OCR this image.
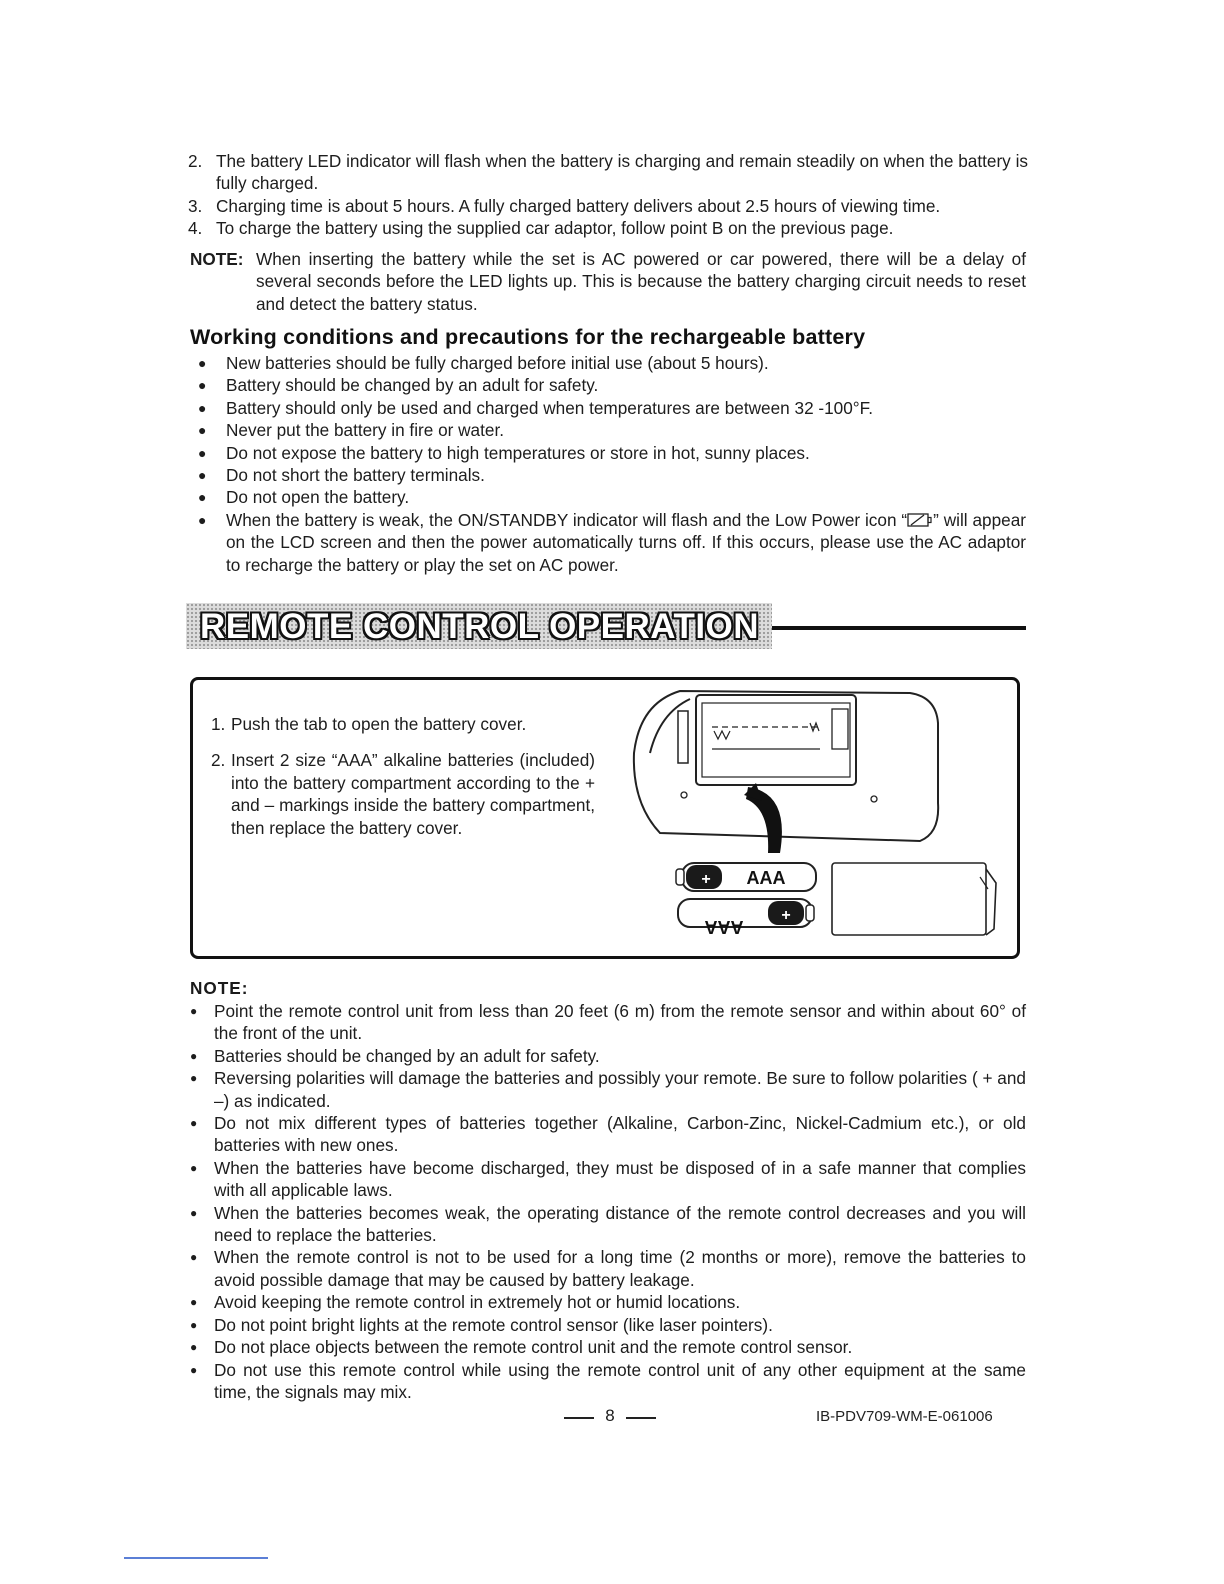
2. The battery LED indicator will flash when the battery is charging and remain steadily on when the battery is fully charged.
3. Charging time is about 5 hours. A fully charged battery delivers about 2.5 hours of viewing time.
4. To charge the battery using the supplied car adaptor, follow point B on the previous page.
NOTE: When inserting the battery while the set is AC powered or car powered, there will be a delay of several seconds before the LED lights up. This is because the battery charging circuit needs to reset and detect the battery status.
Working conditions and precautions for the rechargeable battery
●	New batteries should be fully charged before initial use (about 5 hours).
●	Battery should be changed by an adult for safety.
●	Battery should only be used and charged when temperatures are between 32 -100°F.
●	Never put the battery in fire or water.
●	Do not expose the battery to high temperatures or store in hot, sunny places.
●	Do not short the battery terminals.
●	Do not open the battery.
●	When the battery is weak, the ON/STANDBY indicator will flash and the Low Power icon “ ” will appear on the LCD screen and then the power automatically turns off. If this occurs, please use the AC adaptor to recharge the battery or play the set on AC power.
REMOTE CONTROL OPERATION
1. Push the tab to open the battery cover.
2. Insert 2 size “AAA” alkaline batteries (included) into the battery compartment according to the + and – markings inside the battery compartment, then replace the battery cover.
+ AAA
+
AAA
NOTE:
● Point the remote control unit from less than 20 feet (6 m) from the remote sensor and within about 60° of the front of the unit.
● Batteries should be changed by an adult for safety.
● Reversing polarities will damage the batteries and possibly your remote. Be sure to follow polarities ( + and –) as indicated.
● Do not mix different types of batteries together (Alkaline, Carbon-Zinc, Nickel-Cadmium etc.), or old batteries with new ones.
● When the batteries have become discharged, they must be disposed of in a safe manner that complies with all applicable laws.
● When the batteries becomes weak, the operating distance of the remote control decreases and you will need to replace the batteries.
● When the remote control is not to be used for a long time (2 months or more), remove the batteries to avoid possible damage that may be caused by battery leakage.
● Avoid keeping the remote control in extremely hot or humid locations.
● Do not point bright lights at the remote control sensor (like laser pointers).
● Do not place objects between the remote control unit and the remote control sensor.
● Do not use this remote control while using the remote control unit of any other equipment at the same time, the signals may mix.
8	IB-PDV709-WM-E-061006
